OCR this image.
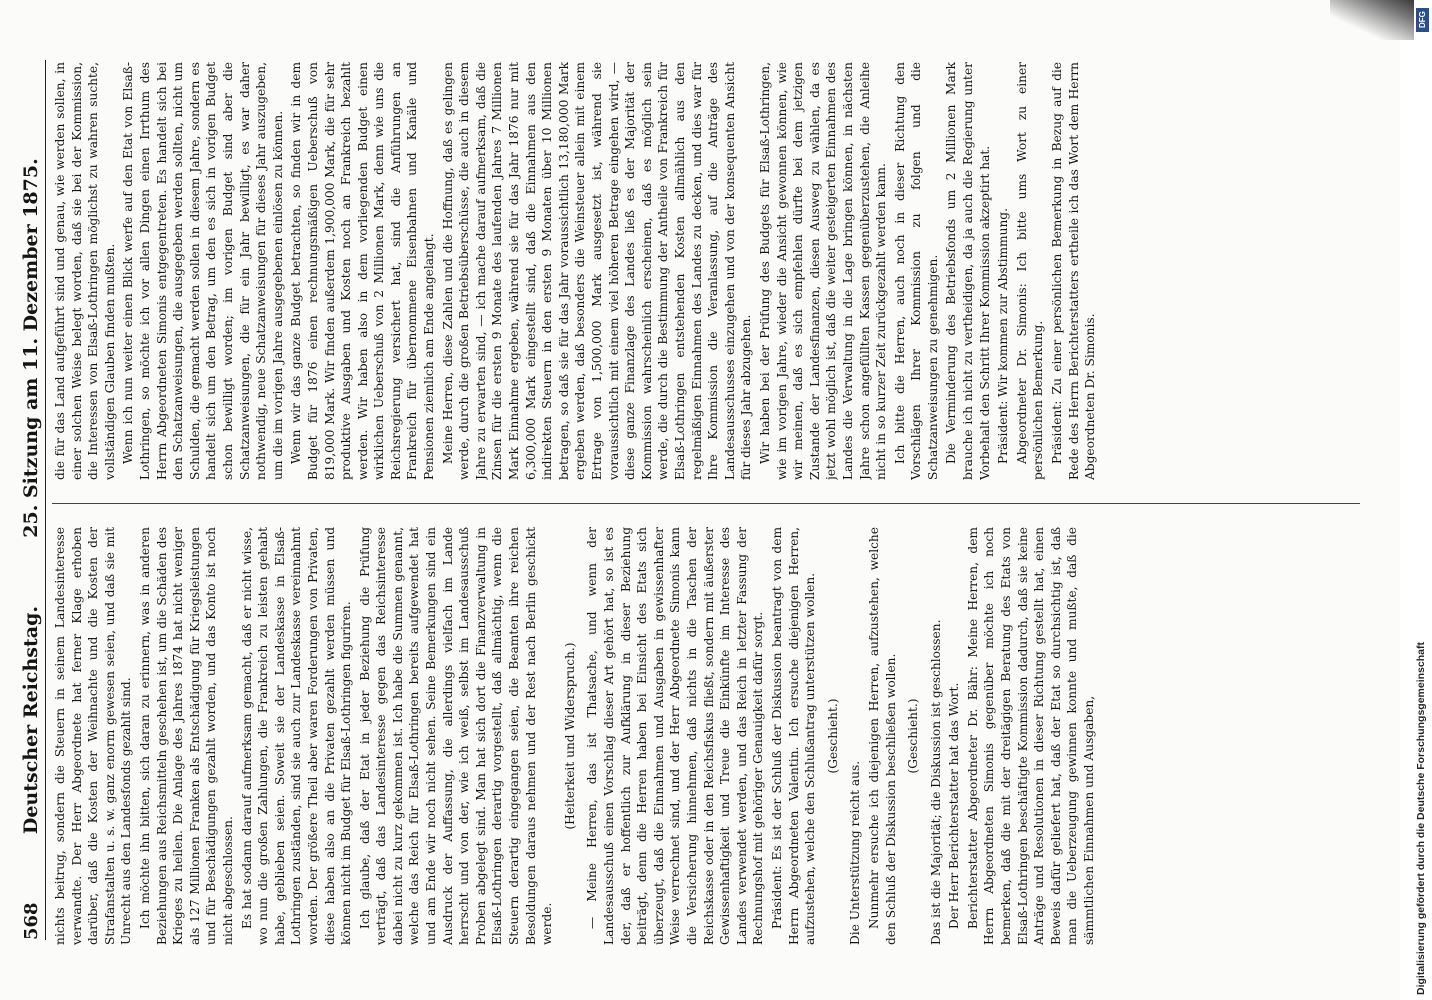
568
Deutscher Reichstag.
25. Sitzung am 11. Dezember 1875.

nichts beitrug, sondern die Steuern in seinem Landesinteresse verwandte. Der Herr Abgeordnete hat ferner Klage erhoben darüber, daß die Kosten der Weihnachte und die Kosten der Strafanstalten u. s. w. ganz enorm gewesen seien, und daß sie mit Unrecht aus den Landesfonds gezahlt sind. Ich möchte ihn bitten, sich daran zu erinnern, was in anderen Beziehungen aus Reichsmitteln geschehen ist, um die Schäden des Krieges zu heilen. Die Anlage des Jahres 1874 hat nicht weniger als 127 Millionen Franken als Entschädigung für Kriegsleistungen und für Beschädigungen gezahlt worden, und das Konto ist noch nicht abgeschlossen. Es hat sodann darauf aufmerksam gemacht, daß er nicht wisse, wo nun die großen Zahlungen, die Frankreich zu leisten gehabt habe, geblieben seien. Soweit sie der Landeskasse in Elsaß-Lothringen zuständen, sind sie auch zur Landeskasse vereinnahmt worden. Der größere Theil aber waren Forderungen von Privaten, diese haben also an die Privaten gezahlt werden müssen und können nicht im Budget für Elsaß-Lothringen figuriren. Ich glaube, daß der Etat in jeder Beziehung die Prüfung verträgt, daß das Landesinteresse gegen das Reichsinteresse dabei nicht zu kurz gekommen ist. Ich habe die Summen genannt, welche das Reich für Elsaß-Lothringen bereits aufgewendet hat und am Ende wir noch nicht sehen. Seine Bemerkungen sind ein Ausdruck der Auffassung, die allerdings vielfach im Lande herrscht und von der, wie ich weiß, selbst im Landesausschuß Proben abgelegt sind. Man hat sich dort die Finanzverwaltung in Elsaß-Lothringen derartig vorgestellt, daß allmächtig, wenn die Steuern derartig eingegangen seien, die Beamten ihre reichen Besoldungen daraus nehmen und der Rest nach Berlin geschickt werde.

(Heiterkeit und Widerspruch.) — Meine Herren, das ist Thatsache, und wenn der Landesausschuß einen Vorschlag dieser Art gehört hat, so ist es der, daß er hoffentlich zur Aufklärung in dieser Beziehung beiträgt, denn die Herren haben bei Einsicht des Etats sich überzeugt, daß die Einnahmen und Ausgaben in gewissenhafter Weise verrechnet sind, und der Herr Abgeordnete Simonis kann die Versicherung hinnehmen, daß nichts in die Taschen der Reichskasse oder in den Reichsfiskus fließt, sondern mit äußerster Gewissenhaftigkeit und Treue die Einkünfte im Interesse des Landes verwendet werden, und das Reich in letzter Fassung der Rechnungshof mit gehöriger Genauigkeit dafür sorgt. Präsident: Es ist der Schluß der Diskussion beantragt von dem Herrn Abgeordneten Valentin. Ich ersuche diejenigen Herren, aufzustehen, welche den Schlußantrag unterstützen wollen. (Geschieht.)

Die Unterstützung reicht aus. Nunmehr ersuche ich diejenigen Herren, aufzustehen, welche den Schluß der Diskussion beschließen wollen. (Geschieht.) Das ist die Majorität; die Diskussion ist geschlossen. Der Herr Berichterstatter hat das Wort. Berichterstatter Abgeordneter Dr. Bähr: Meine Herren, dem Herrn Abgeordneten Simonis gegenüber möchte ich noch bemerken, daß die mit der dreitägigen Beratung des Etats von Elsaß-Lothringen beschäftigte Kommission dadurch, daß sie keine Anträge und Resolutionen in dieser Richtung gestellt hat, einen Beweis dafür geliefert hat, daß der Etat so durchsichtig ist, daß man die Ueberzeugung gewinnen konnte und mußte, daß die sämmtlichen Einnahmen und Ausgaben,

die für das Land aufgeführt sind und genau, wie werden sollen, in einer solchen Weise belegt worden, daß sie bei der Kommission, die Interessen von Elsaß-Lothringen möglichst zu wahren suchte, vollständigen Glauben finden mußten. Wenn ich nun weiter einen Blick werfe auf den Etat von Elsaß-Lothringen, so möchte ich vor allen Dingen einen Irrthum des Herrn Abgeordneten Simonis entgegentreten. Es handelt sich bei den Schatzanweisungen, die ausgegeben werden sollten, nicht um Schulden, die gemacht werden sollen in diesem Jahre, sondern es handelt sich um den Betrag, um den es sich in vorigen Budget schon bewilligt worden; im vorigen Budget sind aber die Schatzanweisungen, die für ein Jahr bewilligt, es war daher nothwendig, neue Schatzanweisungen für dieses Jahr auszugeben, um die im vorigen Jahre ausgegebenen einlösen zu können. Wenn wir das ganze Budget betrachten, so finden wir in dem Budget für 1876 einen rechnungsmäßigen Ueberschuß von 819,000 Mark. Wir finden außerdem 1,900,000 Mark, die für sehr produktive Ausgaben und Kosten noch an Frankreich bezahlt werden. Wir haben also in dem vorliegenden Budget einen wirklichen Ueberschuß von 2 Millionen Mark, denn wie uns die Reichsregierung versichert hat, sind die Anführungen an Frankreich für übernommene Eisenbahnen und Kanäle und Pensionen ziemlich am Ende angelangt. Meine Herren, diese Zahlen und die Hoffnung, daß es gelingen werde, durch die großen Betriebsüberschüsse, die auch in diesem Jahre zu erwarten sind, — ich mache darauf aufmerksam, daß die Zinsen für die ersten 9 Monate des laufenden Jahres 7 Millionen Mark Einnahme ergeben, während sie für das Jahr 1876 nur mit 6,300,000 Mark eingestellt sind, daß die Einnahmen aus den indirekten Steuern in den ersten 9 Monaten über 10 Millionen betragen, so daß sie für das Jahr voraussichtlich 13,180,000 Mark ergeben werden, daß besonders die Weinsteuer allein mit einem Ertrage von 1,500,000 Mark ausgesetzt ist, während sie voraussichtlich mit einem viel höheren Betrage eingehen wird, — diese ganze Finanzlage des Landes ließ es der Majorität der Kommission wahrscheinlich erscheinen, daß es möglich sein werde, die durch die Bestimmung der Antheile von Frankreich für Elsaß-Lothringen entstehenden Kosten allmählich aus den regelmäßigen Einnahmen des Landes zu decken, und dies war für Ihre Kommission die Veranlassung, auf die Anträge des Landesausschusses einzugehen und von der konsequenten Ansicht für dieses Jahr abzugehen. Wir haben bei der Prüfung des Budgets für Elsaß-Lothringen, wie im vorigen Jahre, wieder die Ansicht gewonnen können, wie wir meinen, daß es sich empfehlen dürfte bei dem jetzigen Zustande der Landesfinanzen, diesen Ausweg zu wählen, da es jetzt wohl möglich ist, daß die weiter gesteigerten Einnahmen des Landes die Verwaltung in die Lage bringen können, in nächsten Jahre schon angefüllten Kassen gegenüberzustehen, die Anleihe nicht in so kurzer Zeit zurückgezahlt werden kann. Ich bitte die Herren, auch noch in dieser Richtung den Vorschlägen Ihrer Kommission zu folgen und die Schatzanweisungen zu genehmigen. Die Verminderung des Betriebsfonds um 2 Millionen Mark brauche ich nicht zu vertheidigen, da ja auch die Regierung unter Vorbehalt den Schritt Ihrer Kommission akzeptirt hat. Präsident: Wir kommen zur Abstimmung. Abgeordneter Dr. Simonis: Ich bitte ums Wort zu einer persönlichen Bemerkung. Präsident: Zu einer persönlichen Bemerkung in Bezug auf die Rede des Herrn Berichterstatters ertheile ich das Wort dem Herrn Abgeordneten Dr. Simonis.

Digitalisierung gefördert durch die Deutsche Forschungsgemeinschaft
DFG
